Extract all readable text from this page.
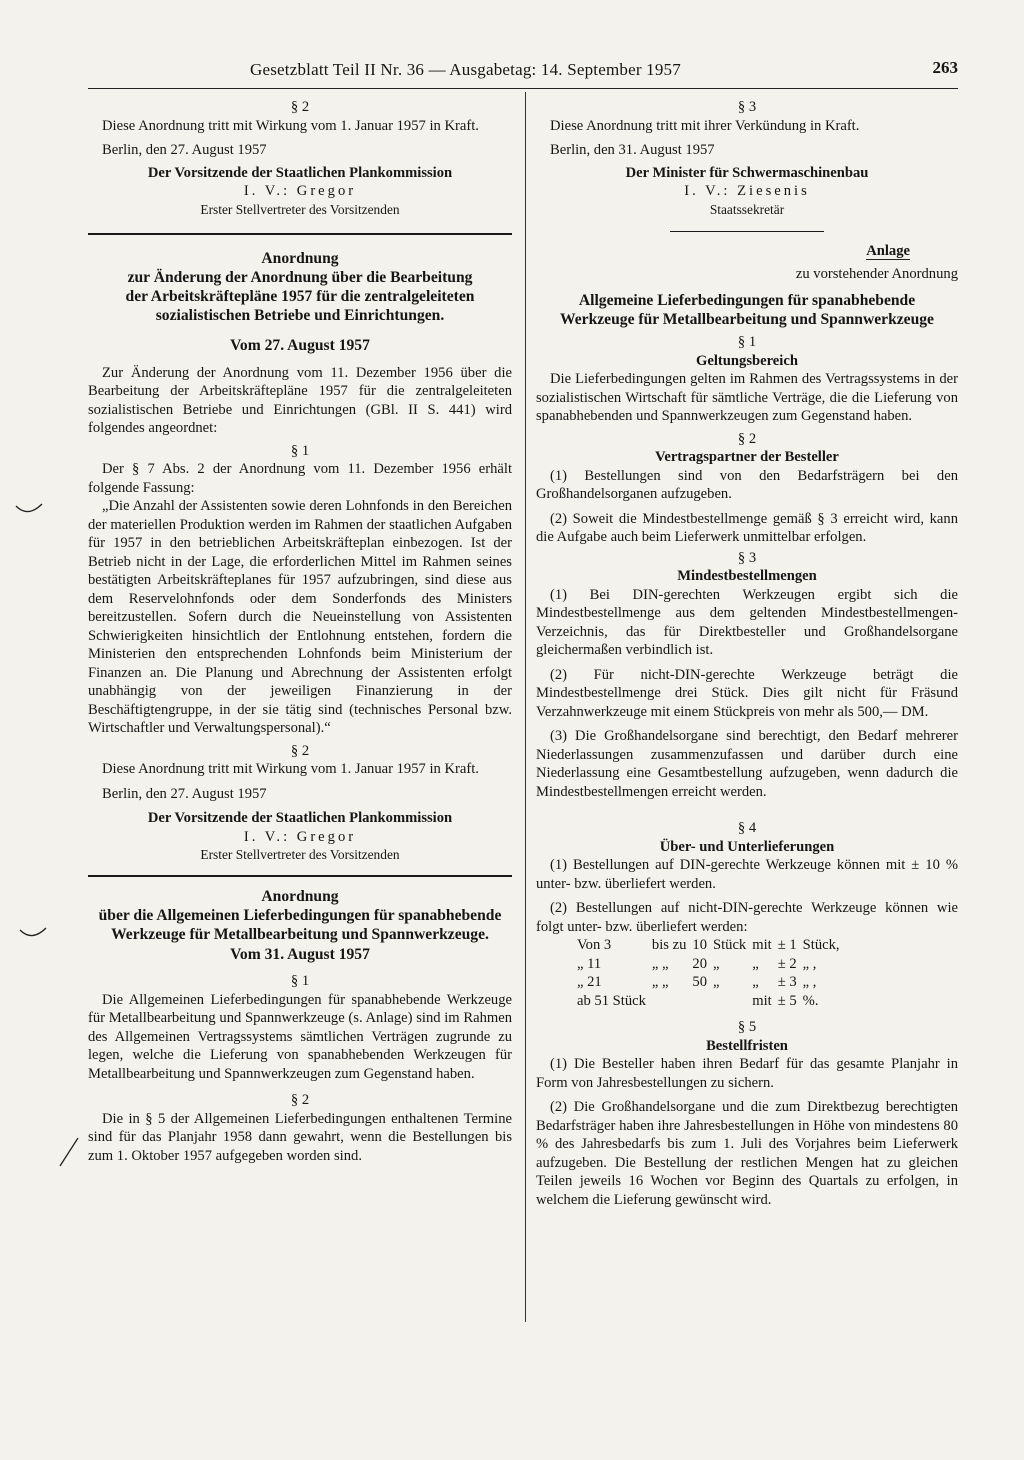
Gesetzblatt Teil II Nr. 36 — Ausgabetag: 14. September 1957	263
§ 2
Diese Anordnung tritt mit Wirkung vom 1. Januar 1957 in Kraft.
Berlin, den 27. August 1957
Der Vorsitzende der Staatlichen Plankommission
I. V.: Gregor
Erster Stellvertreter des Vorsitzenden
Anordnung
zur Änderung der Anordnung über die Bearbeitung
der Arbeitskräftepläne 1957 für die zentralgeleiteten
sozialistischen Betriebe und Einrichtungen.
Vom 27. August 1957
Zur Änderung der Anordnung vom 11. Dezember 1956 über die Bearbeitung der Arbeitskräftepläne 1957 für die zentralgeleiteten sozialistischen Betriebe und Einrichtungen (GBl. II S. 441) wird folgendes angeordnet:
§ 1
Der § 7 Abs. 2 der Anordnung vom 11. Dezember 1956 erhält folgende Fassung:
„Die Anzahl der Assistenten sowie deren Lohnfonds in den Bereichen der materiellen Produktion werden im Rahmen der staatlichen Aufgaben für 1957 in den betrieblichen Arbeitskräfteplan einbezogen. Ist der Betrieb nicht in der Lage, die erforderlichen Mittel im Rahmen seines bestätigten Arbeitskräfteplanes für 1957 aufzubringen, sind diese aus dem Reservelohnfonds oder dem Sonderfonds des Ministers bereitzustellen. Sofern durch die Neueinstellung von Assistenten Schwierigkeiten hinsichtlich der Entlohnung entstehen, fordern die Ministerien den entsprechenden Lohnfonds beim Ministerium der Finanzen an. Die Planung und Abrechnung der Assistenten erfolgt unabhängig von der jeweiligen Finanzierung in der Beschäftigtengruppe, in der sie tätig sind (technisches Personal bzw. Wirtschaftler und Verwaltungspersonal).“
§ 2
Diese Anordnung tritt mit Wirkung vom 1. Januar 1957 in Kraft.
Berlin, den 27. August 1957
Der Vorsitzende der Staatlichen Plankommission
I. V.: Gregor
Erster Stellvertreter des Vorsitzenden
Anordnung
über die Allgemeinen Lieferbedingungen für spanabhebende Werkzeuge für Metallbearbeitung und Spannwerkzeuge.
Vom 31. August 1957
§ 1
Die Allgemeinen Lieferbedingungen für spanabhebende Werkzeuge für Metallbearbeitung und Spannwerkzeuge (s. Anlage) sind im Rahmen des Allgemeinen Vertragssystems sämtlichen Verträgen zugrunde zu legen, welche die Lieferung von spanabhebenden Werkzeugen für Metallbearbeitung und Spannwerkzeugen zum Gegenstand haben.
§ 2
Die in § 5 der Allgemeinen Lieferbedingungen enthaltenen Termine sind für das Planjahr 1958 dann gewahrt, wenn die Bestellungen bis zum 1. Oktober 1957 aufgegeben worden sind.
§ 3
Diese Anordnung tritt mit ihrer Verkündung in Kraft.
Berlin, den 31. August 1957
Der Minister für Schwermaschinenbau
I. V.: Ziesenis
Staatssekretär
Anlage
zu vorstehender Anordnung
Allgemeine Lieferbedingungen für spanabhebende Werkzeuge für Metallbearbeitung und Spannwerkzeuge
§ 1
Geltungsbereich
Die Lieferbedingungen gelten im Rahmen des Vertragssystems in der sozialistischen Wirtschaft für sämtliche Verträge, die die Lieferung von spanabhebenden und Spannwerkzeugen zum Gegenstand haben.
§ 2
Vertragspartner der Besteller
(1) Bestellungen sind von den Bedarfsträgern bei den Großhandelsorganen aufzugeben.
(2) Soweit die Mindestbestellmenge gemäß § 3 erreicht wird, kann die Aufgabe auch beim Lieferwerk unmittelbar erfolgen.
§ 3
Mindestbestellmengen
(1) Bei DIN-gerechten Werkzeugen ergibt sich die Mindestbestellmenge aus dem geltenden Mindestbestellmengen-Verzeichnis, das für Direktbesteller und Großhandelsorgane gleichermaßen verbindlich ist.
(2) Für nicht-DIN-gerechte Werkzeuge beträgt die Mindestbestellmenge drei Stück. Dies gilt nicht für Fräsund Verzahnwerkzeuge mit einem Stückpreis von mehr als 500,— DM.
(3) Die Großhandelsorgane sind berechtigt, den Bedarf mehrerer Niederlassungen zusammenzufassen und darüber durch eine Niederlassung eine Gesamtbestellung aufzugeben, wenn dadurch die Mindestbestellmengen erreicht werden.
§ 4
Über- und Unterlieferungen
(1) Bestellungen auf DIN-gerechte Werkzeuge können mit ± 10 % unter- bzw. überliefert werden.
(2) Bestellungen auf nicht-DIN-gerechte Werkzeuge können wie folgt unter- bzw. überliefert werden:
Von 3	bis zu	10	Stück	mit	± 1	Stück,
„ 11	„ „	20	„	„	± 2	„ ,
„ 21	„ „	50	„	„	± 3	„ ,
ab 51 Stück				mit	± 5	%.
§ 5
Bestellfristen
(1) Die Besteller haben ihren Bedarf für das gesamte Planjahr in Form von Jahresbestellungen zu sichern.
(2) Die Großhandelsorgane und die zum Direktbezug berechtigten Bedarfsträger haben ihre Jahresbestellungen in Höhe von mindestens 80 % des Jahresbedarfs bis zum 1. Juli des Vorjahres beim Lieferwerk aufzugeben. Die Bestellung der restlichen Mengen hat zu gleichen Teilen jeweils 16 Wochen vor Beginn des Quartals zu erfolgen, in welchem die Lieferung gewünscht wird.
